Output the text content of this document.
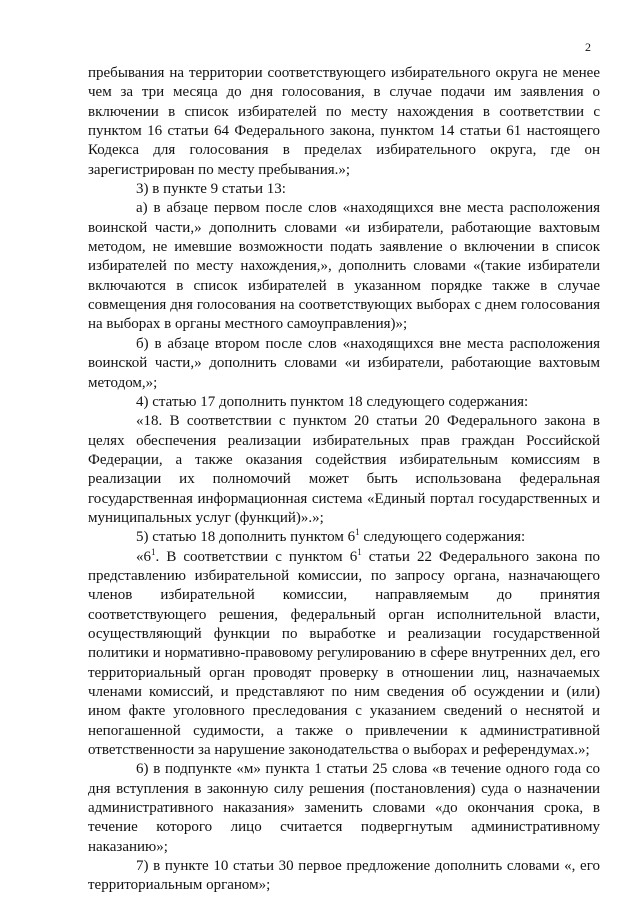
2

пребывания на территории соответствующего избирательного округа не менее чем за три месяца до дня голосования, в случае подачи им заявления о включении в список избирателей по месту нахождения в соответствии с пунктом 16 статьи 64 Федерального закона, пунктом 14 статьи 61 настоящего Кодекса для голосования в пределах избирательного округа, где он зарегистрирован по месту пребывания.»;

3) в пункте 9 статьи 13:

а) в абзаце первом после слов «находящихся вне места расположения воинской части,» дополнить словами «и избиратели, работающие вахтовым методом, не имевшие возможности подать заявление о включении в список избирателей по месту нахождения,», дополнить словами «(такие избиратели включаются в список избирателей в указанном порядке также в случае совмещения дня голосования на соответствующих выборах с днем голосования на выборах в органы местного самоуправления)»;

б) в абзаце втором после слов «находящихся вне места расположения воинской части,» дополнить словами «и избиратели, работающие вахтовым методом,»;

4) статью 17 дополнить пунктом 18 следующего содержания:

«18. В соответствии с пунктом 20 статьи 20 Федерального закона в целях обеспечения реализации избирательных прав граждан Российской Федерации, а также оказания содействия избирательным комиссиям в реализации их полномочий может быть использована федеральная государственная информационная система «Единый портал государственных и муниципальных услуг (функций)».»;

5) статью 18 дополнить пунктом $6^1$ следующего содержания:

«$6^1$. В соответствии с пунктом $6^1$ статьи 22 Федерального закона по представлению избирательной комиссии, по запросу органа, назначающего членов избирательной комиссии, направляемым до принятия соответствующего решения, федеральный орган исполнительной власти, осуществляющий функции по выработке и реализации государственной политики и нормативно-правовому регулированию в сфере внутренних дел, его территориальный орган проводят проверку в отношении лиц, назначаемых членами комиссий, и представляют по ним сведения об осуждении и (или) ином факте уголовного преследования с указанием сведений о неснятой и непогашенной судимости, а также о привлечении к административной ответственности за нарушение законодательства о выборах и референдумах.»;

6) в подпункте «м» пункта 1 статьи 25 слова «в течение одного года со дня вступления в законную силу решения (постановления) суда о назначении административного наказания» заменить словами «до окончания срока, в течение которого лицо считается подвергнутым административному наказанию»;

7) в пункте 10 статьи 30 первое предложение дополнить словами «, его территориальным органом»;
